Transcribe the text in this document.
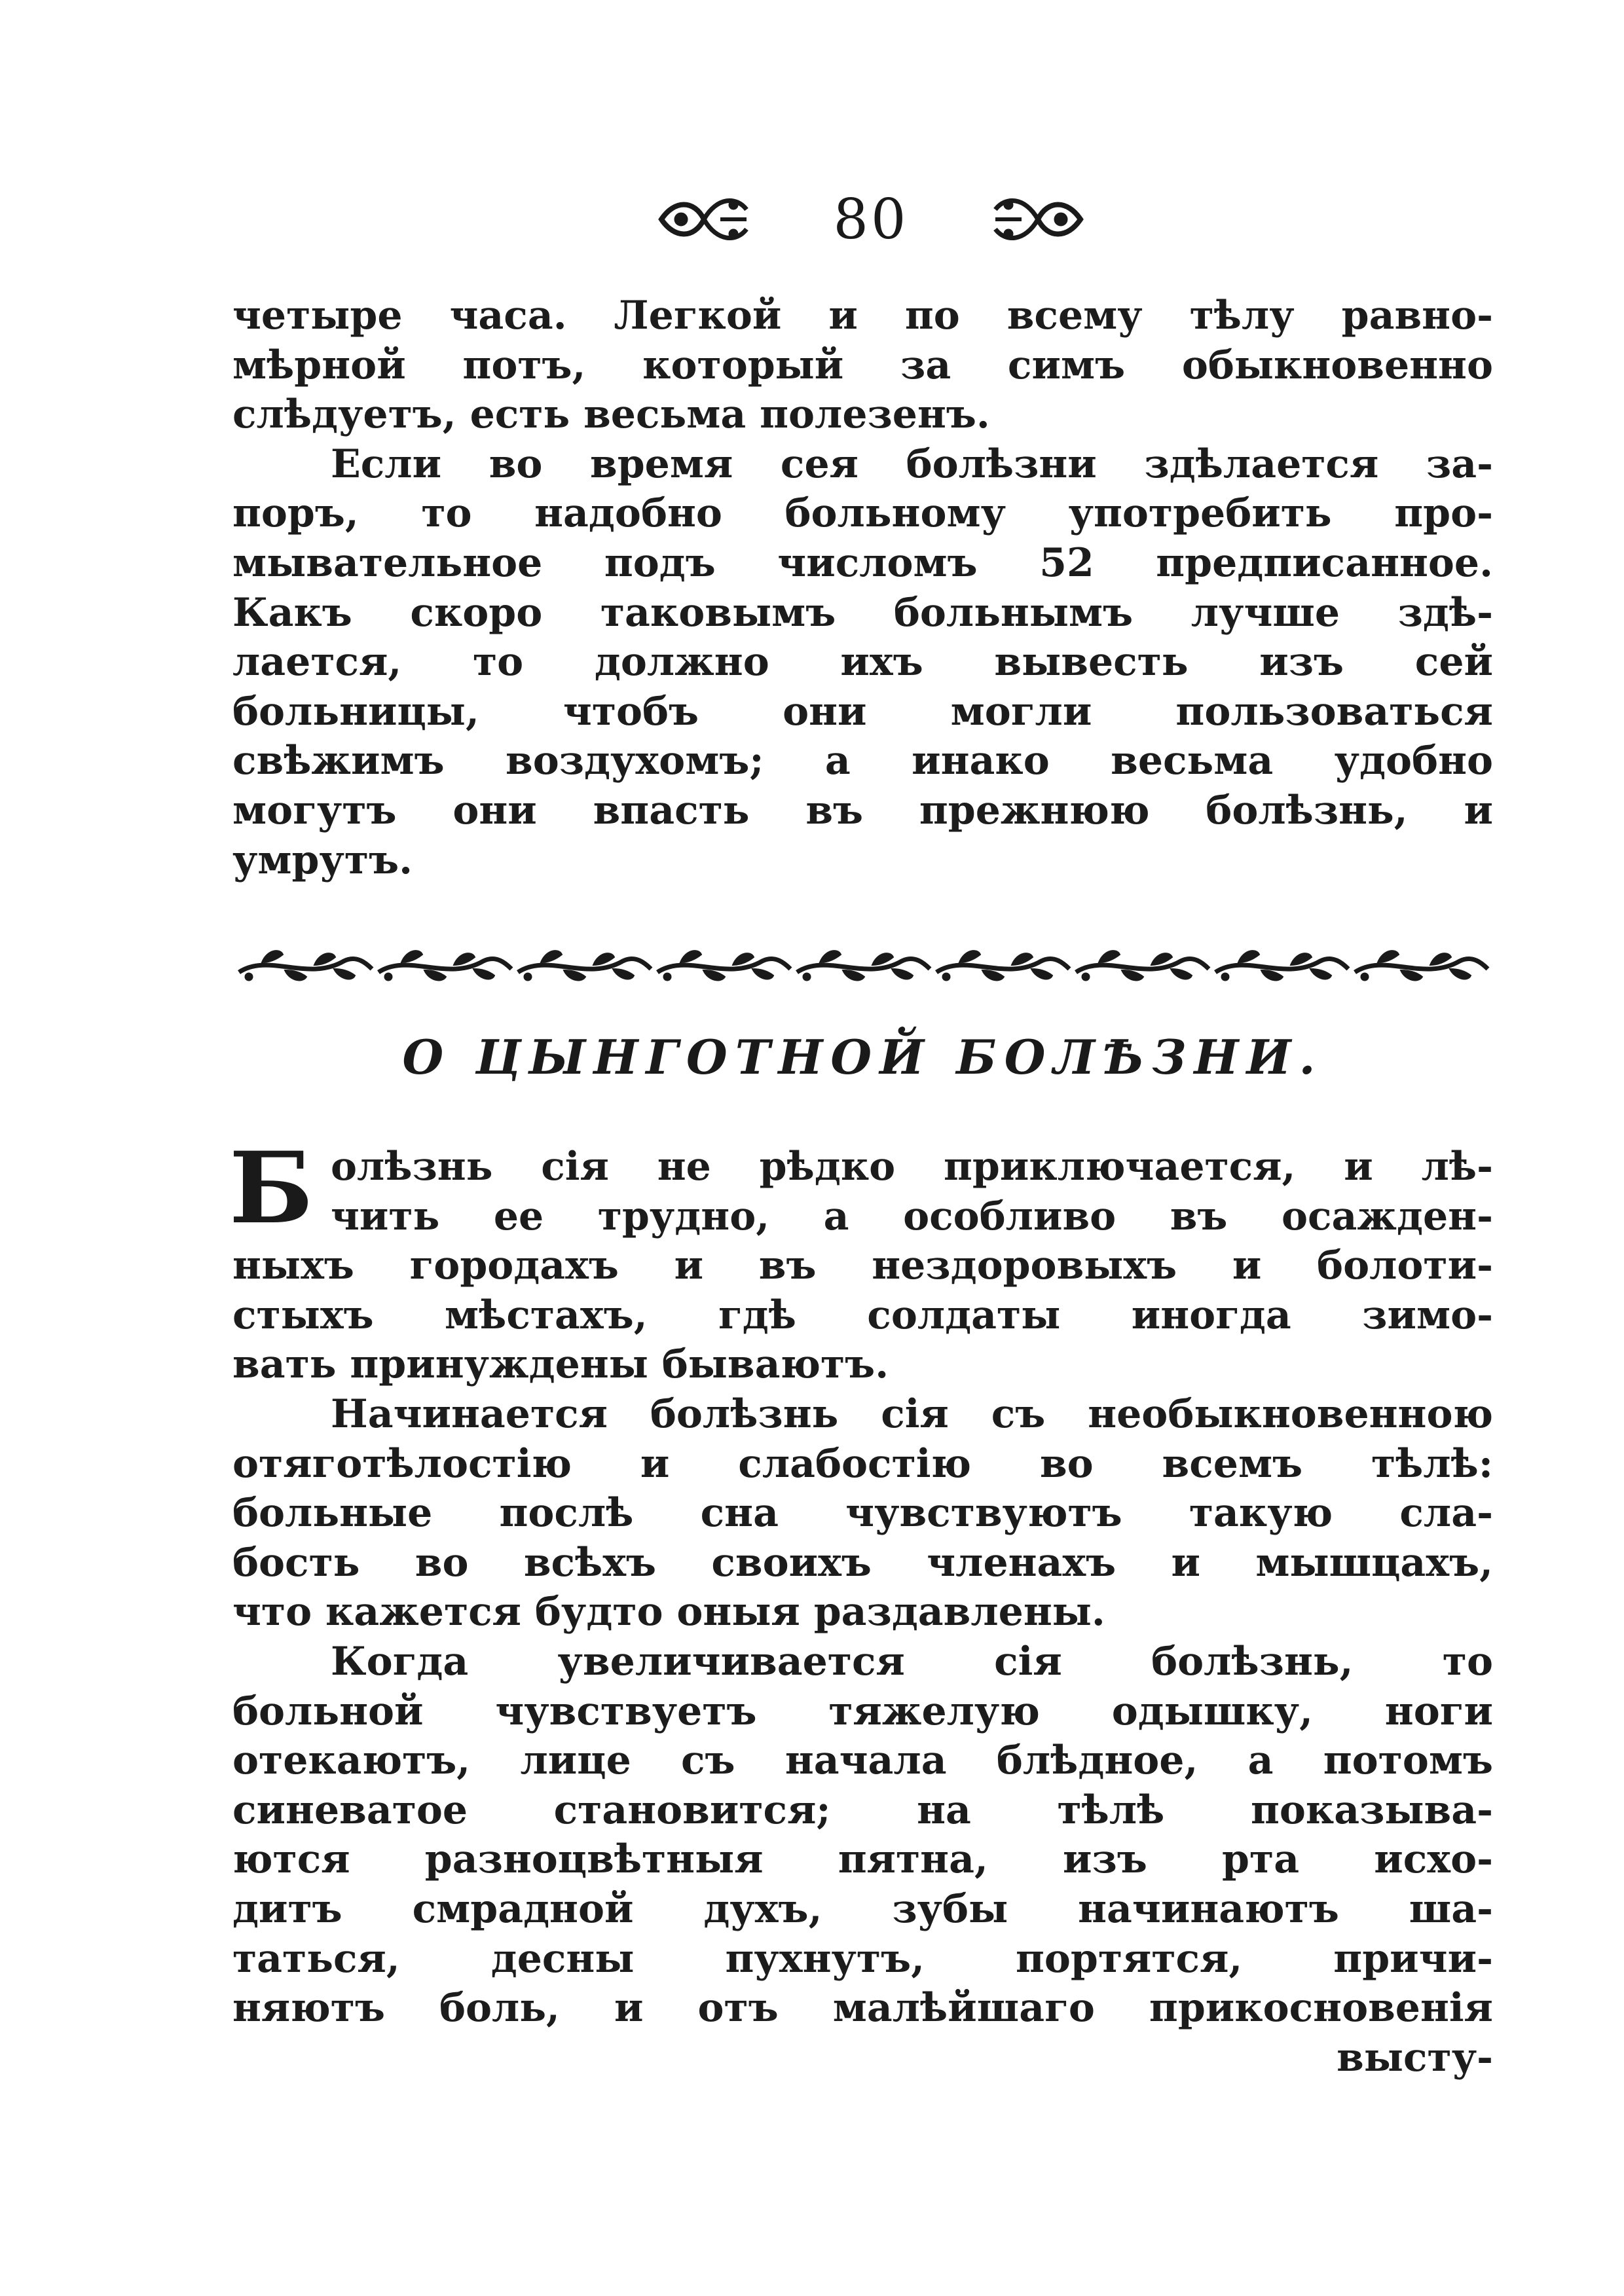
80
четыре часа. Легкой и по всему тѣлу равно-
мѣрной потъ, который за симъ обыкновенно
слѣдуетъ, есть весьма полезенъ.
Если во время сея болѣзни здѣлается за-
поръ, то надобно больному употребить про-
мывательное подъ числомъ 52 предписанное.
Какъ скоро таковымъ больнымъ лучше здѣ-
лается, то должно ихъ вывесть изъ сей
больницы, чтобъ они могли пользоваться
свѣжимъ воздухомъ; а инако весьма удобно
могутъ они впасть въ прежнюю болѣзнь, и
умрутъ.
О ЦЫНГОТНОЙ БОЛѢЗНИ.
Б олѣзнь сія не рѣдко приключается, и лѣ-
чить ее трудно, а особливо въ осажден-
ныхъ городахъ и въ нездоровыхъ и болоти-
стыхъ мѣстахъ, гдѣ солдаты иногда зимо-
вать принуждены бываютъ.
Начинается болѣзнь сія съ необыкновенною
отяготѣлостію и слабостію во всемъ тѣлѣ:
больные послѣ сна чувствуютъ такую сла-
бость во всѣхъ своихъ членахъ и мышцахъ,
что кажется будто оныя раздавлены.
Когда увеличивается сія болѣзнь, то
больной чувствуетъ тяжелую одышку, ноги
отекаютъ, лице съ начала блѣдное, а потомъ
синеватое становится; на тѣлѣ показыва-
ются разноцвѣтныя пятна, изъ рта исхо-
дитъ смрадной духъ, зубы начинаютъ ша-
таться, десны пухнутъ, портятся, причи-
няютъ боль, и отъ малѣйшаго прикосновенія
высту-
